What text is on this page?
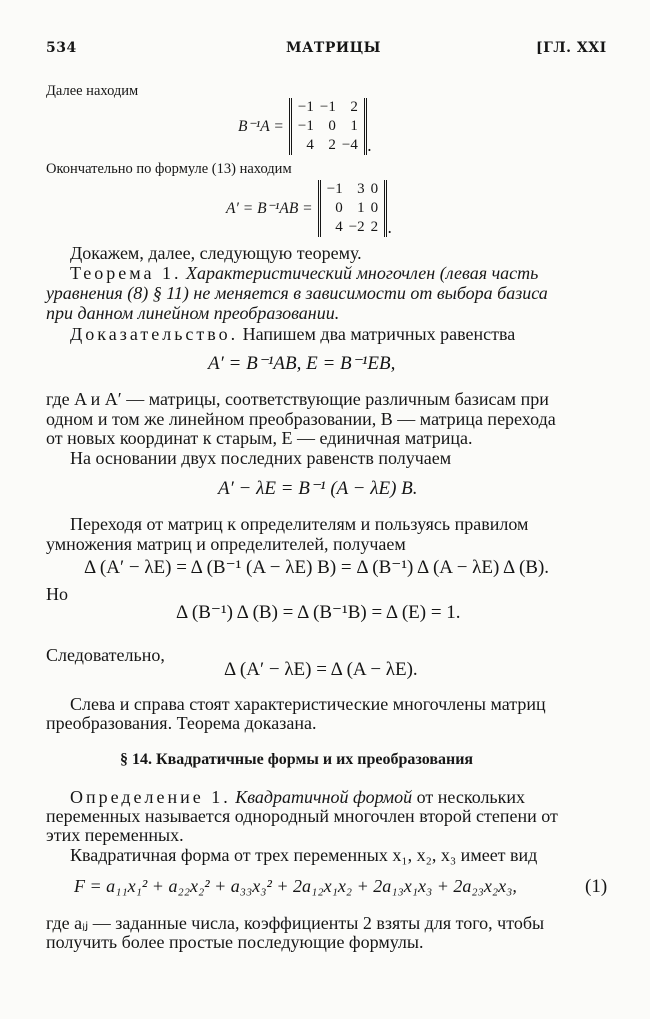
534	МАТРИЦЫ	[ГЛ. XXI
Далее находим
B⁻¹A =
−1	−1	2
−1	0	1
4	2	−4 .
Окончательно по формуле (13) находим
A′ = B⁻¹AB =
−1	3	0
0	1	0
4	−2	2 .
Докажем, далее, следующую теорему.
Теорема 1. Характеристический многочлен (левая часть
уравнения (8) § 11) не меняется в зависимости от выбора базиса
при данном линейном преобразовании.
Доказательство. Напишем два матричных равенства
A′ = B⁻¹AB, E = B⁻¹EB,
где A и A′ — матрицы, соответствующие различным базисам при
одном и том же линейном преобразовании, B — матрица перехода
от новых координат к старым, E — единичная матрица.
На основании двух последних равенств получаем
A′ − λE = B⁻¹ (A − λE) B.
Переходя от матриц к определителям и пользуясь правилом
умножения матриц и определителей, получаем
Δ (A′ − λE) = Δ (B⁻¹ (A − λE) B) = Δ (B⁻¹) Δ (A − λE) Δ (B).
Но
Δ (B⁻¹) Δ (B) = Δ (B⁻¹B) = Δ (E) = 1.
Следовательно,
Δ (A′ − λE) = Δ (A − λE).
Слева и справа стоят характеристические многочлены матриц
преобразования. Теорема доказана.
§ 14. Квадратичные формы и их преобразования
Определение 1. Квадратичной формой от нескольких
переменных называется однородный многочлен второй степени от
этих переменных.
Квадратичная форма от трех переменных x₁, x₂, x₃ имеет вид
F = a₁₁x₁² + a₂₂x₂² + a₃₃x₃² + 2a₁₂x₁x₂ + 2a₁₃x₁x₃ + 2a₂₃x₂x₃,	(1)
где aᵢⱼ — заданные числа, коэффициенты 2 взяты для того, чтобы
получить более простые последующие формулы.
